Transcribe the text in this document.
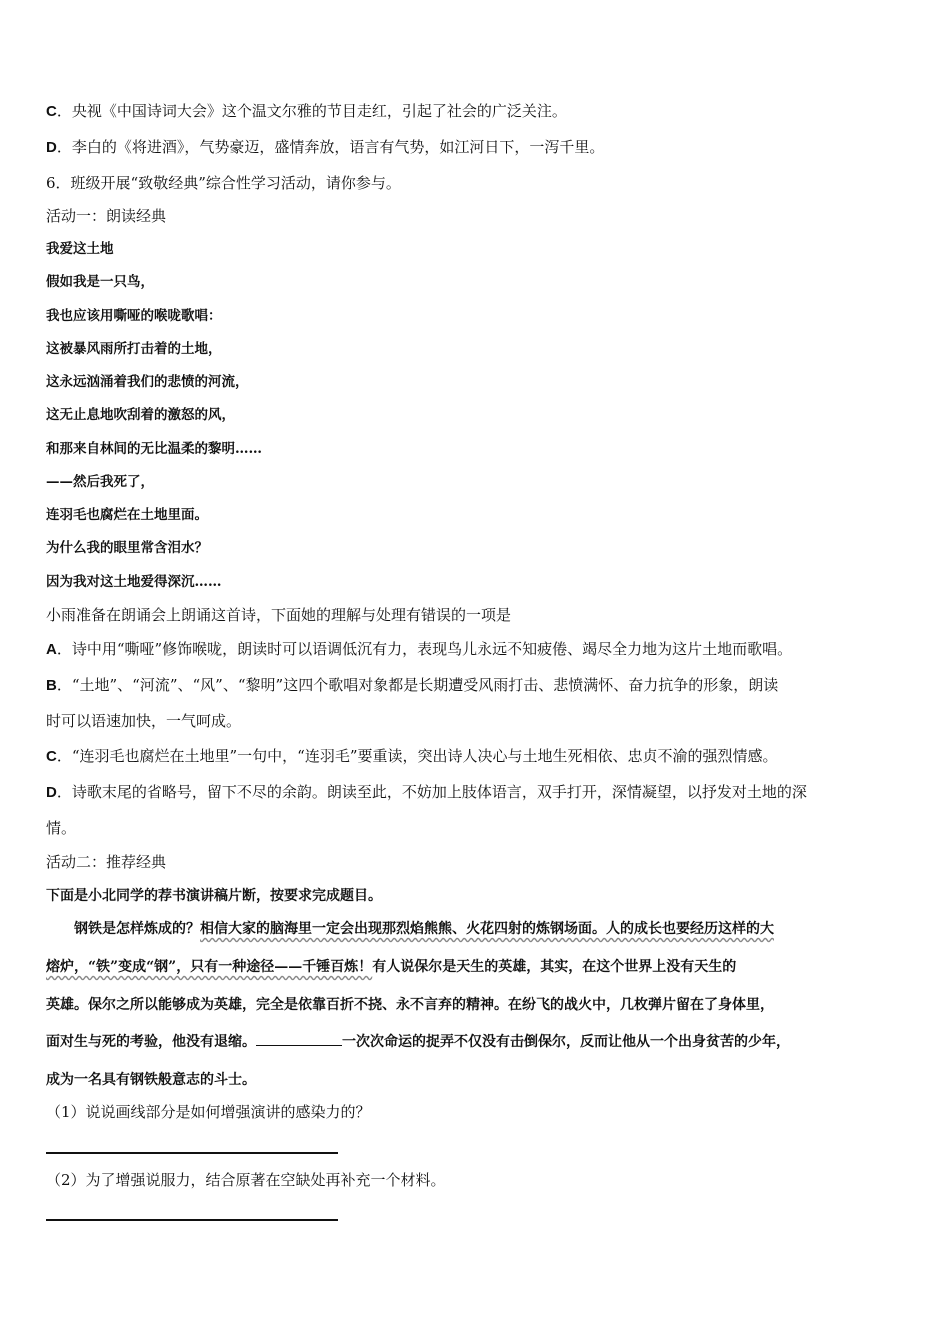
C．央视《中国诗词大会》这个温文尔雅的节目走红，引起了社会的广泛关注。
D．李白的《将进酒》，气势豪迈，盛情奔放，语言有气势，如江河日下，一泻千里。
6．班级开展“致敬经典”综合性学习活动，请你参与。
活动一：朗读经典
我爱这土地
假如我是一只鸟，
我也应该用嘶哑的喉咙歌唱：
这被暴风雨所打击着的土地，
这永远汹涌着我们的悲愤的河流，
这无止息地吹刮着的激怒的风，
和那来自林间的无比温柔的黎明……
——然后我死了，
连羽毛也腐烂在土地里面。
为什么我的眼里常含泪水？
因为我对这土地爱得深沉……
小雨准备在朗诵会上朗诵这首诗，下面她的理解与处理有错误的一项是
A．诗中用“嘶哑”修饰喉咙，朗读时可以语调低沉有力，表现鸟儿永远不知疲倦、竭尽全力地为这片土地而歌唱。
B．“土地”、“河流”、“风”、“黎明”这四个歌唱对象都是长期遭受风雨打击、悲愤满怀、奋力抗争的形象，朗读
时可以语速加快，一气呵成。
C．“连羽毛也腐烂在土地里”一句中，“连羽毛”要重读，突出诗人决心与土地生死相依、忠贞不渝的强烈情感。
D．诗歌末尾的省略号，留下不尽的余韵。朗读至此，不妨加上肢体语言，双手打开，深情凝望，以抒发对土地的深
情。
活动二：推荐经典
下面是小北同学的荐书演讲稿片断，按要求完成题目。
钢铁是怎样炼成的？相信大家的脑海里一定会出现那烈焰熊熊、火花四射的炼钢场面。人的成长也要经历这样的大
熔炉，“铁”变成“钢”，只有一种途径——千锤百炼！有人说保尔是天生的英雄，其实，在这个世界上没有天生的
英雄。保尔之所以能够成为英雄，完全是依靠百折不挠、永不言弃的精神。在纷飞的战火中，几枚弹片留在了身体里，
面对生与死的考验，他没有退缩。	一次次命运的捉弄不仅没有击倒保尔，反而让他从一个出身贫苦的少年，
成为一名具有钢铁般意志的斗士。
（1）说说画线部分是如何增强演讲的感染力的？
（2）为了增强说服力，结合原著在空缺处再补充一个材料。
